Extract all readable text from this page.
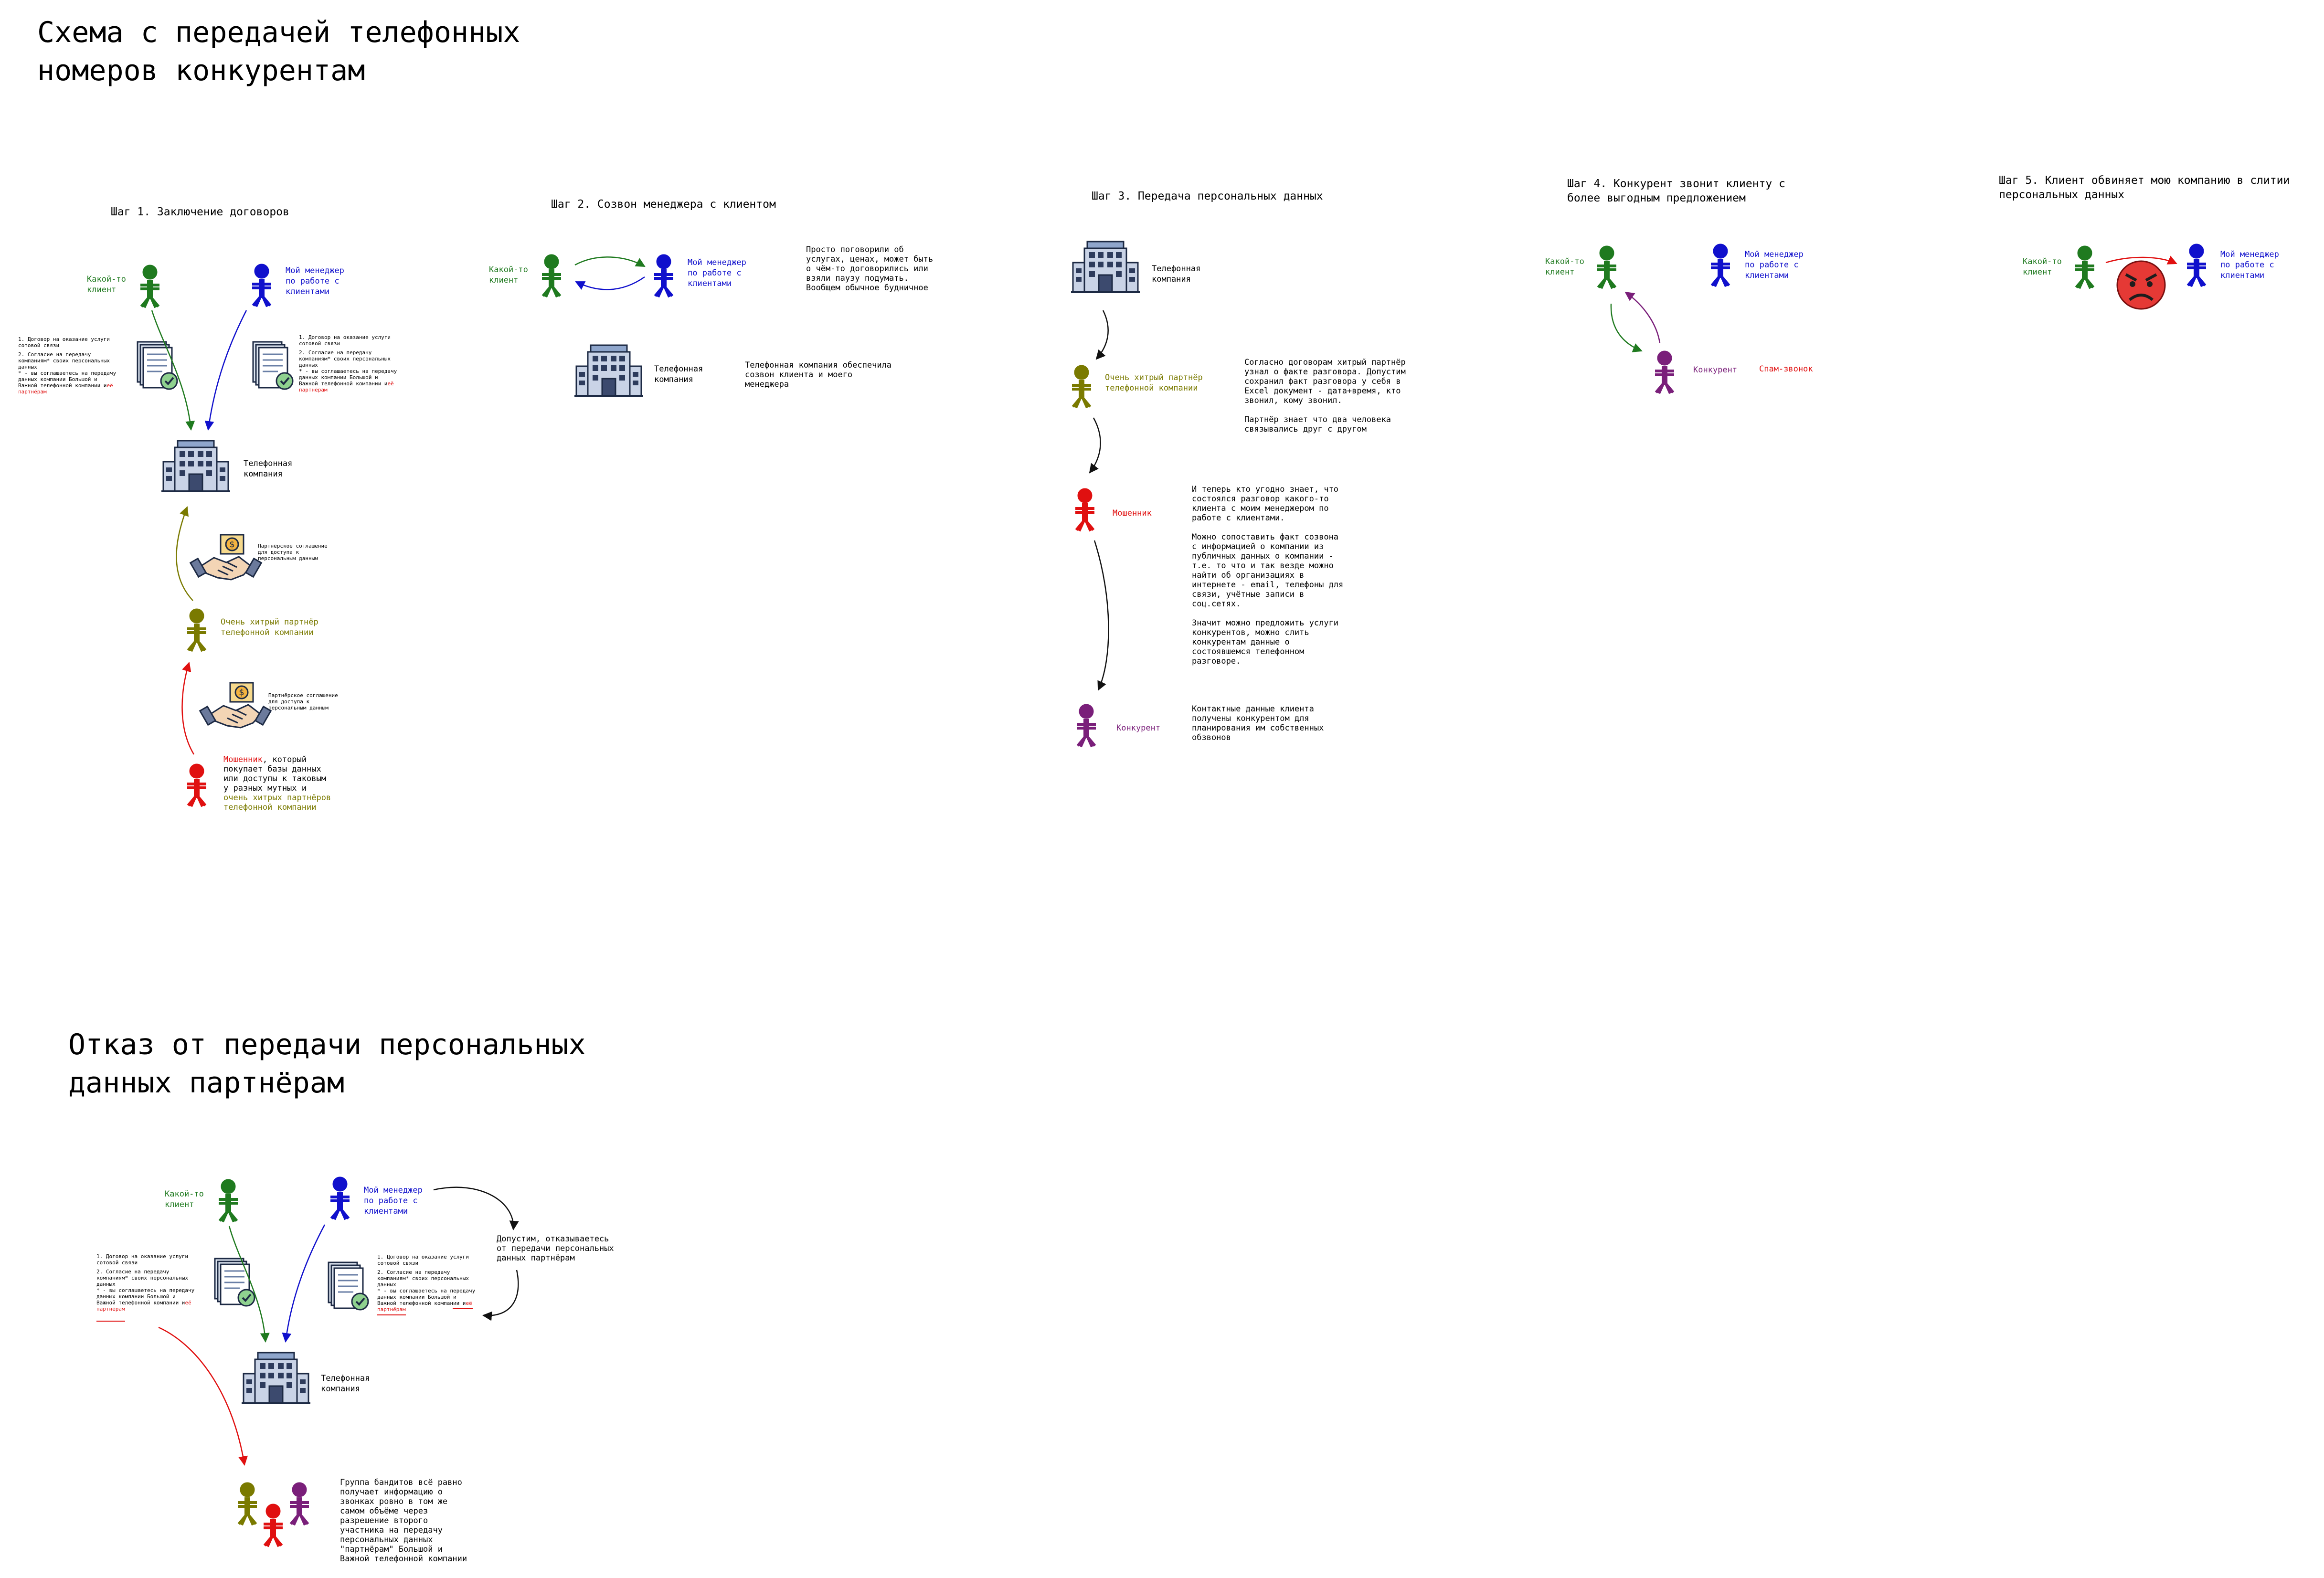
Схема с передачей телефонных
номеров конкурентам
Шаг 1. Заключение договоров
Какой-то клиент
Мой менеджер по работе с клиентами
1. Договор на оказание услуги сотовой связи 2. Согласие на передачу компаниям* своих персональных данных * - вы соглашаетесь на передачу данных компании Большой и Важной телефонной компании иеё партнёрам
1. Договор на оказание услуги сотовой связи 2. Согласие на передачу компаниям* своих персональных данных * - вы соглашаетесь на передачу данных компании Большой и Важной телефонной компании иеё партнёрам
Телефонная компания
Партнёрское соглашение для доступа к персональным данным
Очень хитрый партнёр телефонной компании
Партнёрское соглашение для доступа к персональным данным
Мошенник, который покупает базы данных или доступы к таковым у разных мутных и очень хитрых партнёров телефонной компании
Шаг 2. Созвон менеджера с клиентом
Какой-то клиент
Мой менеджер по работе с клиентами
Просто поговорили об услугах, ценах, может быть о чём-то договорились или взяли паузу подумать. Вообщем обычное будничное
Телефонная компания
Телефонная компания обеспечила созвон клиента и моего менеджера
Шаг 3. Передача персональных данных
Телефонная компания
Очень хитрый партнёр телефонной компании
Согласно договорам хитрый партнёр узнал о факте разговора. Допустим сохранил факт разговора у себя в Excel документ - дата+время, кто звонил, кому звонил. Партнёр знает что два человека связывались друг с другом
Мошенник
И теперь кто угодно знает, что состоялся разговор какого-то клиента с моим менеджером по работе с клиентами. Можно сопоставить факт созвона с информацией о компании из публичных данных о компании -     т.е. то что и так везде можно найти об организациях в интернете - email, телефоны для связи, учётные записи в соц.сетях. Значит можно предложить услуги конкурентов, можно слить конкурентам данные о состоявшемся телефонном разговоре.
Конкурент
Контактные данные клиента получены конкурентом для планирования им собственных обзвонов
Шаг 4. Конкурент звонит клиенту с более выгодным предложением
Какой-то клиент
Мой менеджер по работе с клиентами
Конкурент	Спам-звонок
Шаг 5. Клиент обвиняет мою компанию в слитии персональных данных
Какой-то клиент
Мой менеджер по работе с клиентами
Отказ от передачи персональных
данных партнёрам
Какой-то клиент
Мой менеджер по работе с клиентами
1. Договор на оказание услуги сотовой связи 2. Согласие на передачу компаниям* своих персональных данных * - вы соглашаетесь на передачу данных компании Большой и Важной телефонной компании иеё партнёрам
1. Договор на оказание услуги сотовой связи 2. Согласие на передачу компаниям* своих персональных данных * - вы соглашаетесь на передачу данных компании Большой и Важной телефонной компании иеё партнёрам
Допустим, отказываетесь от передачи персональных данных партнёрам
Телефонная компания
Группа бандитов всё равно получает информацию о звонках ровно в том же самом объёме через разрешение второго участника на передачу персональных данных "партнёрам" Большой и Важной телефонной компании
